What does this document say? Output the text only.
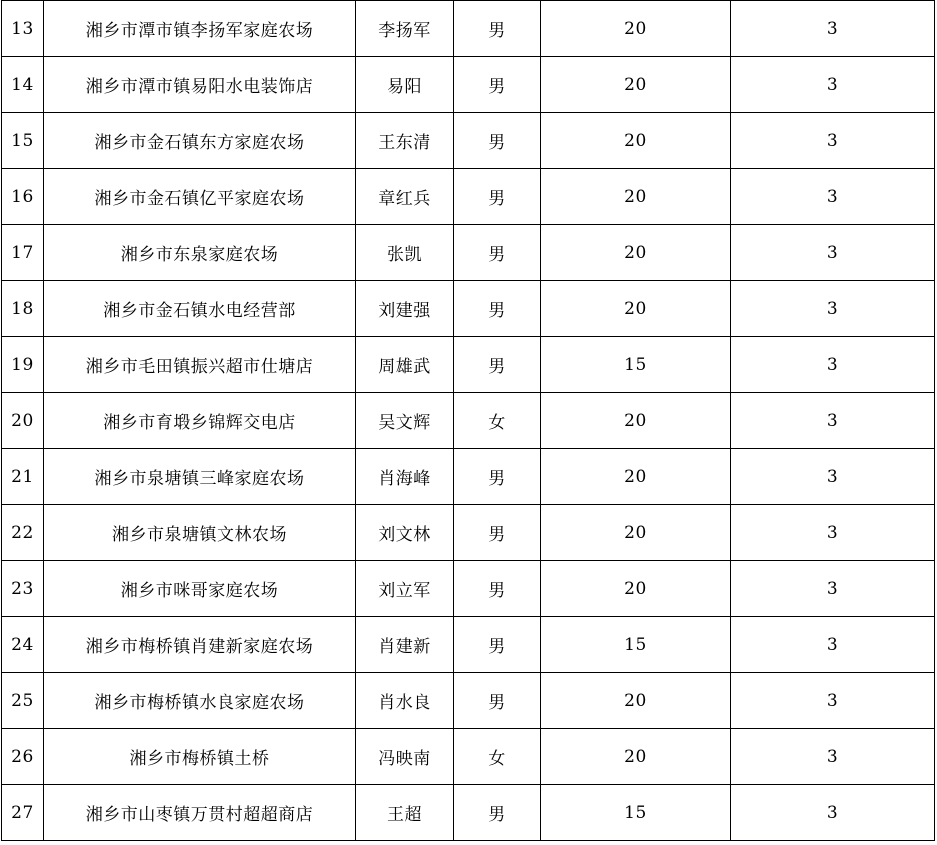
13	湘乡市潭市镇李扬军家庭农场	李扬军	男	20	3
14	湘乡市潭市镇易阳水电装饰店	易阳	男	20	3
15	湘乡市金石镇东方家庭农场	王东清	男	20	3
16	湘乡市金石镇亿平家庭农场	章红兵	男	20	3
17	湘乡市东泉家庭农场	张凯	男	20	3
18	湘乡市金石镇水电经营部	刘建强	男	20	3
19	湘乡市毛田镇振兴超市仕塘店	周雄武	男	15	3
20	湘乡市育塅乡锦辉交电店	吴文辉	女	20	3
21	湘乡市泉塘镇三峰家庭农场	肖海峰	男	20	3
22	湘乡市泉塘镇文林农场	刘文林	男	20	3
23	湘乡市咪哥家庭农场	刘立军	男	20	3
24	湘乡市梅桥镇肖建新家庭农场	肖建新	男	15	3
25	湘乡市梅桥镇水良家庭农场	肖水良	男	20	3
26	湘乡市梅桥镇土桥	冯映南	女	20	3
27	湘乡市山枣镇万贯村超超商店	王超	男	15	3
